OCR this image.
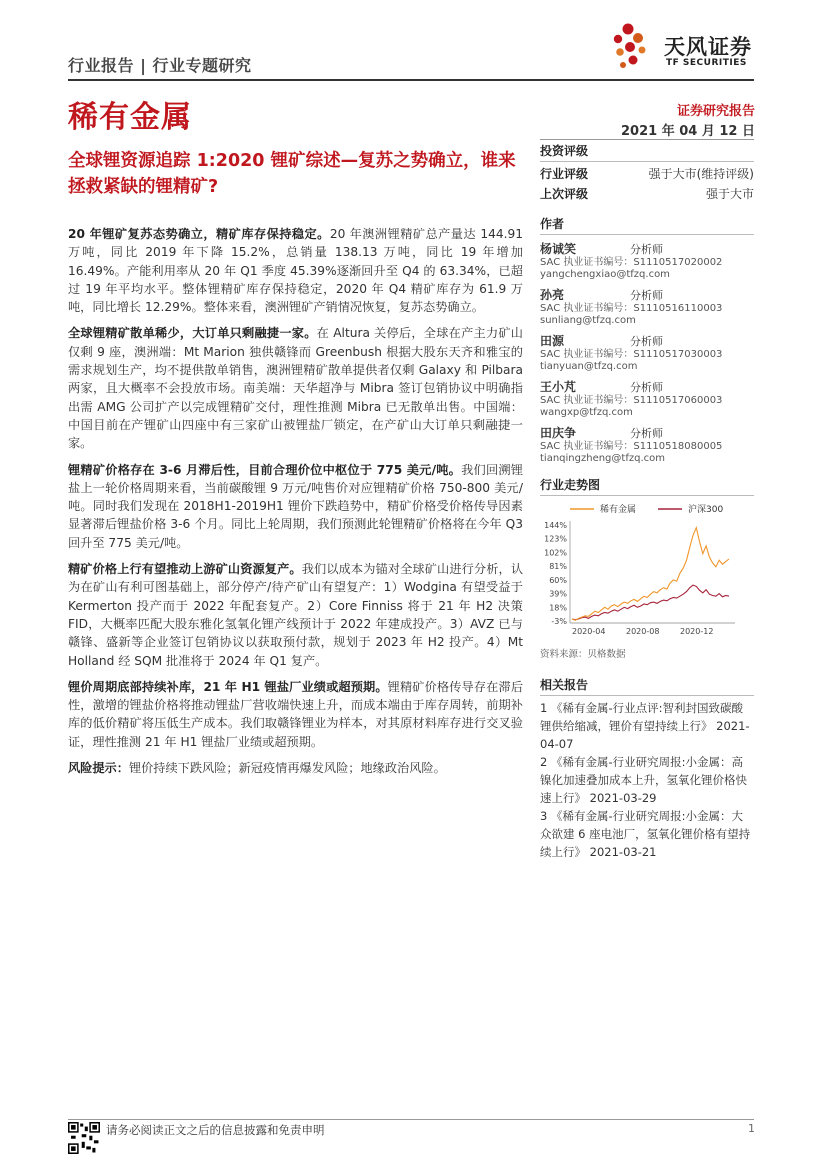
行业报告 | 行业专题研究
稀有金属
天风证券
TF SECURITIES
证券研究报告
2021 年 04 月 12 日
全球锂资源追踪 1:2020 锂矿综述—复苏之势确立，谁来拯救紧缺的锂精矿?

20 年锂矿复苏态势确立，精矿库存保持稳定。20 年澳洲锂精矿总产量达 144.91 万吨，同比 2019 年下降 15.2%，总销量 138.13 万吨，同比 19 年增加 16.49%。产能利用率从 20 年 Q1 季度 45.39%逐渐回升至 Q4 的 63.34%，已超过 19 年平均水平。整体锂精矿库存保持稳定，2020 年 Q4 精矿库存为 61.9 万吨，同比增长 12.29%。整体来看，澳洲锂矿产销情况恢复，复苏态势确立。

全球锂精矿散单稀少，大订单只剩融捷一家。在 Altura 关停后，全球在产主力矿山仅剩 9 座，澳洲端：Mt Marion 独供赣锋而 Greenbush 根据大股东天齐和雅宝的需求规划生产，均不提供散单销售，澳洲锂精矿散单提供者仅剩 Galaxy 和 Pilbara 两家，且大概率不会投放市场。南美端：天华超净与 Mibra 签订包销协议中明确指出需 AMG 公司扩产以完成锂精矿交付，理性推测 Mibra 已无散单出售。中国端：中国目前在产锂矿山四座中有三家矿山被锂盐厂锁定，在产矿山大订单只剩融捷一家。

锂精矿价格存在 3-6 月滞后性，目前合理价位中枢位于 775 美元/吨。我们回溯锂盐上一轮价格周期来看，当前碳酸锂 9 万元/吨售价对应锂精矿价格 750-800 美元/吨。同时我们发现在 2018H1-2019H1 锂价下跌趋势中，精矿价格受价格传导因素显著滞后锂盐价格 3-6 个月。同比上轮周期，我们预测此轮锂精矿价格将在今年 Q3 回升至 775 美元/吨。

精矿价格上行有望推动上游矿山资源复产。我们以成本为锚对全球矿山进行分析，认为在矿山有利可图基础上，部分停产/待产矿山有望复产：1）Wodgina 有望受益于 Kermerton 投产而于 2022 年配套复产。2）Core Finniss 将于 21 年 H2 决策 FID，大概率匹配大股东雅化氢氧化锂产线预计于 2022 年建成投产。3）AVZ 已与赣锋、盛新等企业签订包销协议以获取预付款，规划于 2023 年 H2 投产。4）Mt Holland 经 SQM 批准将于 2024 年 Q1 复产。

锂价周期底部持续补库，21 年 H1 锂盐厂业绩或超预期。锂精矿价格传导存在滞后性，激增的锂盐价格将推动锂盐厂营收端快速上升，而成本端由于库存周转，前期补库的低价精矿将压低生产成本。我们取赣锋锂业为样本，对其原材料库存进行交叉验证，理性推测 21 年 H1 锂盐厂业绩或超预期。

风险提示：锂价持续下跌风险；新冠疫情再爆发风险；地缘政治风险。

投资评级
行业评级	强于大市(维持评级)
上次评级	强于大市
作者
杨诚笑	分析师
SAC 执业证书编号：S1110517020002
yangchengxiao@tfzq.com
孙亮	分析师
SAC 执业证书编号：S1110516110003
sunliang@tfzq.com
田源	分析师
SAC 执业证书编号：S1110517030003
tianyuan@tfzq.com
王小芃	分析师
SAC 执业证书编号：S1110517060003
wangxp@tfzq.com
田庆争	分析师
SAC 执业证书编号：S1110518080005
tianqingzheng@tfzq.com
行业走势图
稀有金属	沪深300
144%
123%
102%
81%
60%
39%
18%
-3%
2020-04	2020-08	2020-12
资料来源：贝格数据
相关报告
1 《稀有金属-行业点评:智利封国致碳酸锂供给缩减，锂价有望持续上行》 2021-04-07
2 《稀有金属-行业研究周报:小金属：高镍化加速叠加成本上升，氢氧化锂价格快速上行》 2021-03-29
3 《稀有金属-行业研究周报:小金属：大众欲建 6 座电池厂，氢氧化锂价格有望持续上行》 2021-03-21
请务必阅读正文之后的信息披露和免责申明	1
